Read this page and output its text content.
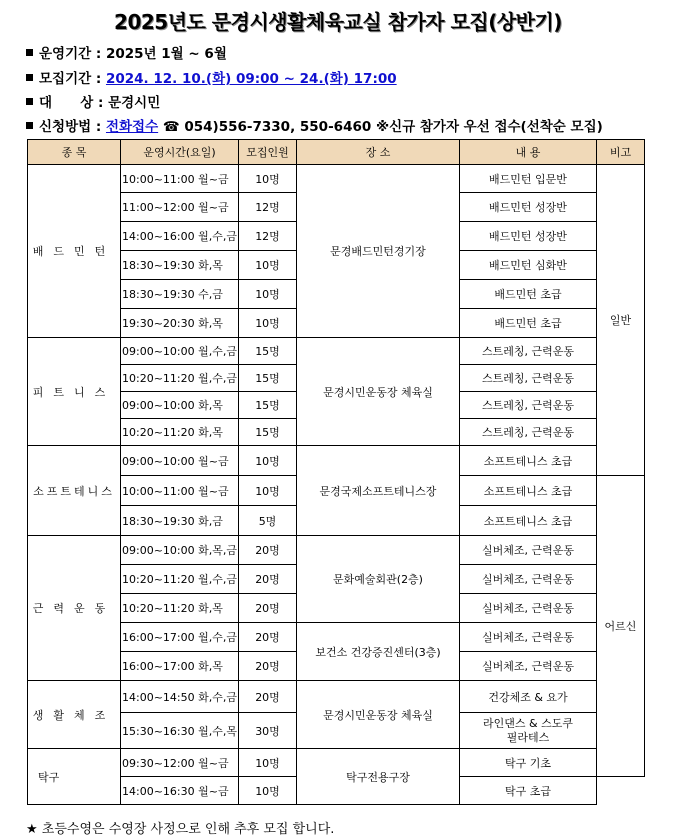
2025년도 문경시생활체육교실 참가자 모집(상반기)
운영기간 : 2025년 1월 ~ 6월
모집기간 : 2024. 12. 10.(화) 09:00 ~ 24.(화) 17:00
대      상 : 문경시민
신청방법 : 전화접수 ☎ 054)556-7330, 550-6460 ※신규 참가자 우선 접수(선착순 모집)
종 목	운영시간(요일)	모집인원	장 소	내 용	비고
배드민턴	10:00~11:00 월~금	10명	문경배드민턴경기장	배드민턴 입문반	일반
	11:00~12:00 월~금	12명		배드민턴 성장반	
	14:00~16:00 월,수,금	12명		배드민턴 성장반	
	18:30~19:30 화,목	10명		배드민턴 심화반	
	18:30~19:30 수,금	10명		배드민턴 초급	
	19:30~20:30 화,목	10명		배드민턴 초급	
피트니스	09:00~10:00 월,수,금	15명	문경시민운동장 체육실	스트레칭, 근력운동	
	10:20~11:20 월,수,금	15명		스트레칭, 근력운동	
	09:00~10:00 화,목	15명		스트레칭, 근력운동	
	10:20~11:20 화,목	15명		스트레칭, 근력운동	
소프트테니스	09:00~10:00 월~금	10명	문경국제소프트테니스장	소프트테니스 초급	
	10:00~11:00 월~금	10명		소프트테니스 초급	어르신
	18:30~19:30 화,금	5명		소프트테니스 초급	
근력운동	09:00~10:00 화,목,금	20명	문화예술회관(2층)	실버체조, 근력운동	
	10:20~11:20 월,수,금	20명		실버체조, 근력운동	
	10:20~11:20 화,목	20명		실버체조, 근력운동	
	16:00~17:00 월,수,금	20명	보건소 건강증진센터(3층)	실버체조, 근력운동	
	16:00~17:00 화,목	20명		실버체조, 근력운동	
생활체조	14:00~14:50 화,수,금	20명	문경시민운동장 체육실	건강체조 & 요가	
	15:30~16:30 월,수,목	30명		라인댄스 & 스도쿠 필라테스	
탁구	09:30~12:00 월~금	10명	탁구전용구장	탁구 기초	
	14:00~16:30 월~금	10명		탁구 초급	
★ 초등수영은 수영장 사정으로 인해 추후 모집 합니다.
